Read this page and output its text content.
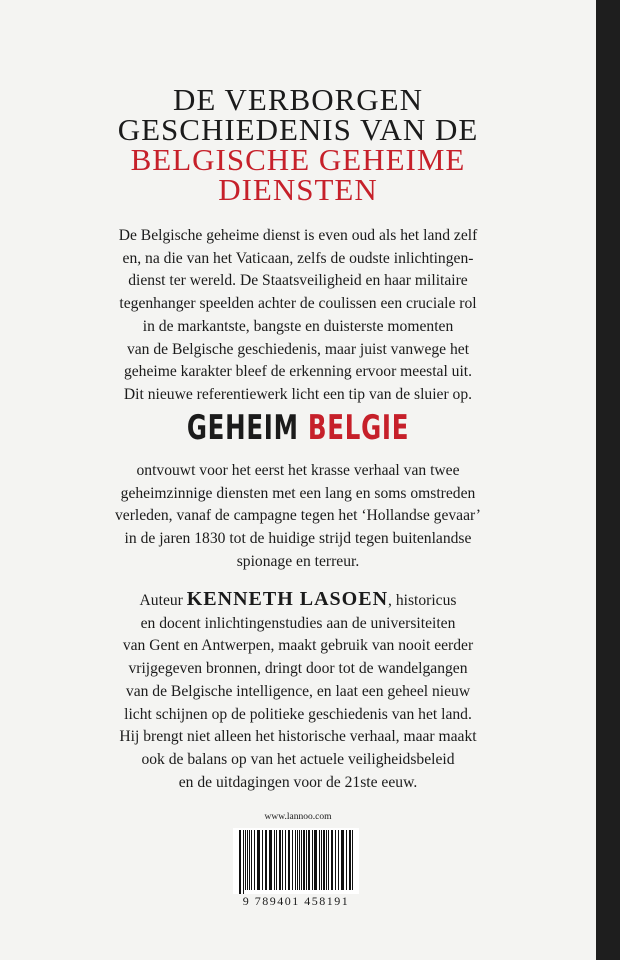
DE VERBORGEN
GESCHIEDENIS VAN DE
BELGISCHE GEHEIME
DIENSTEN
De Belgische geheime dienst is even oud als het land zelf
en, na die van het Vaticaan, zelfs de oudste inlichtingen-
dienst ter wereld. De Staatsveiligheid en haar militaire
tegenhanger speelden achter de coulissen een cruciale rol
in de markantste, bangste en duisterste momenten
van de Belgische geschiedenis, maar juist vanwege het
geheime karakter bleef de erkenning ervoor meestal uit.
Dit nieuwe referentiewerk licht een tip van de sluier op.
GEHEIM BELGIE
ontvouwt voor het eerst het krasse verhaal van twee
geheimzinnige diensten met een lang en soms omstreden
verleden, vanaf de campagne tegen het ‘Hollandse gevaar’
in de jaren 1830 tot de huidige strijd tegen buitenlandse
spionage en terreur.
Auteur KENNETH LASOEN, historicus
en docent inlichtingenstudies aan de universiteiten
van Gent en Antwerpen, maakt gebruik van nooit eerder
vrijgegeven bronnen, dringt door tot de wandelgangen
van de Belgische intelligence, en laat een geheel nieuw
licht schijnen op de politieke geschiedenis van het land.
Hij brengt niet alleen het historische verhaal, maar maakt
ook de balans op van het actuele veiligheidsbeleid
en de uitdagingen voor de 21ste eeuw.
www.lannoo.com
9 789401 458191
